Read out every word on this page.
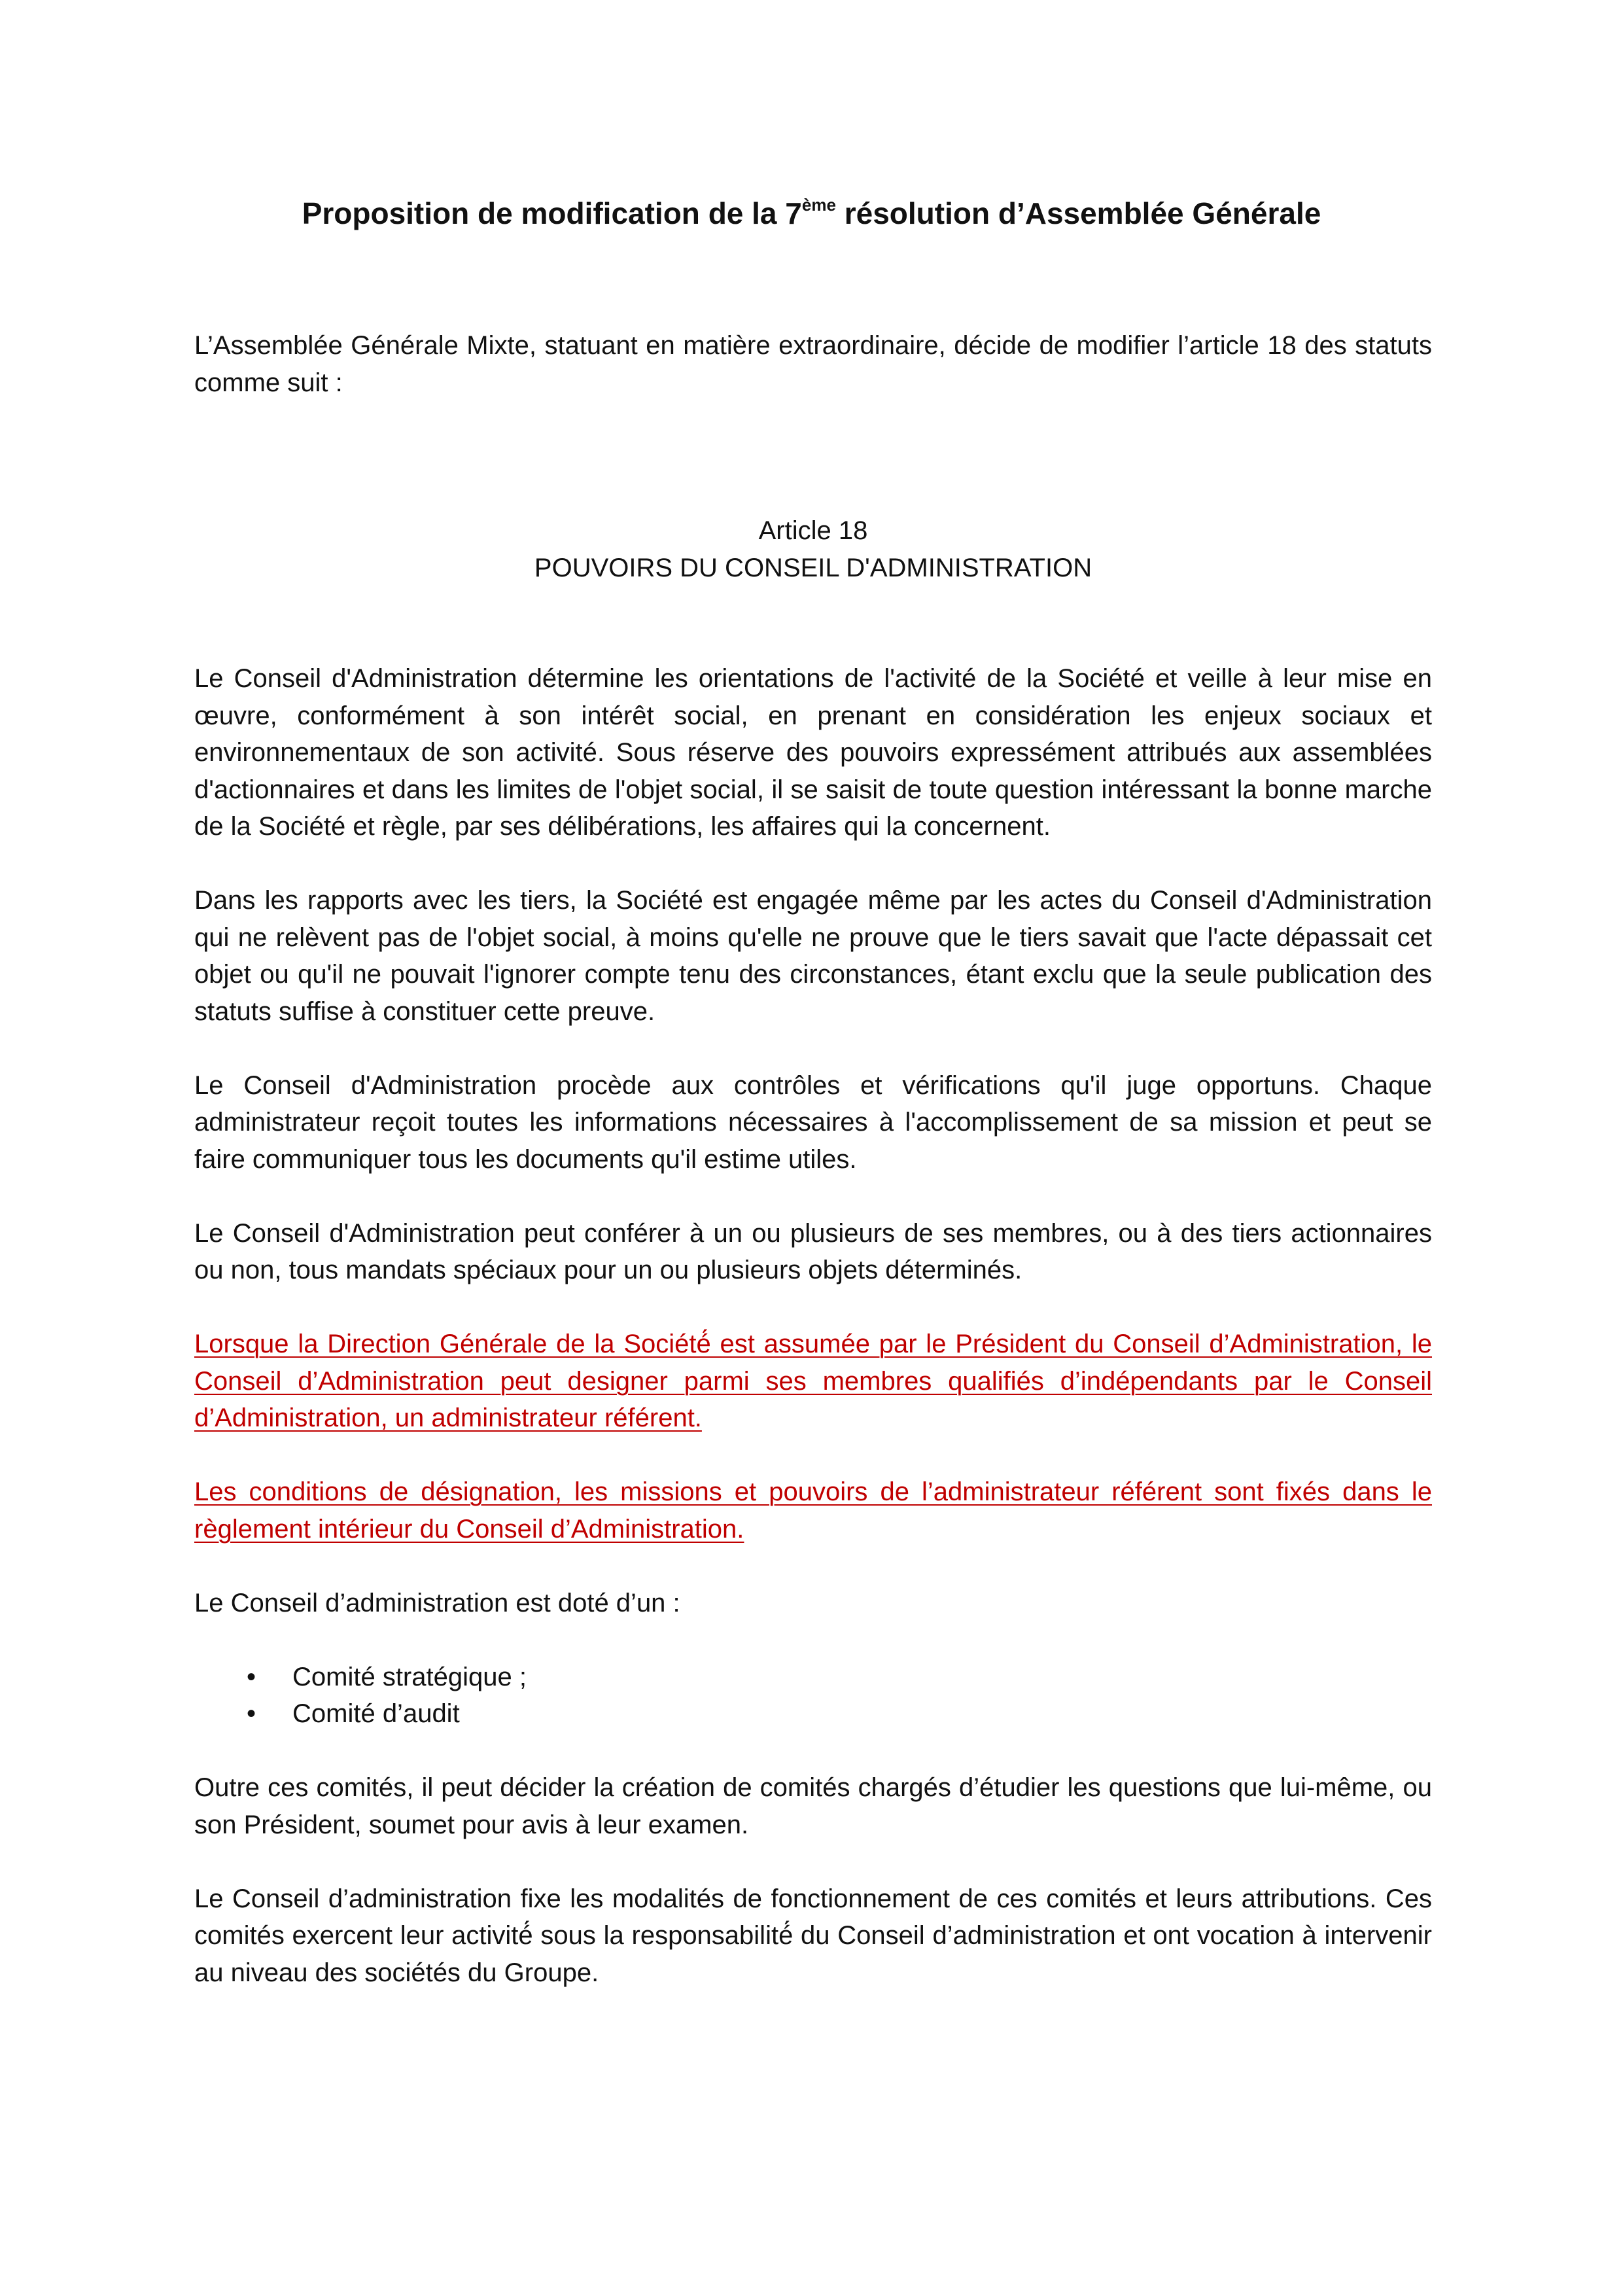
Proposition de modification de la 7ème résolution d’Assemblée Générale

L’Assemblée Générale Mixte, statuant en matière extraordinaire, décide de modifier l’article 18 des statuts comme suit :

Article 18
POUVOIRS DU CONSEIL D'ADMINISTRATION

Le Conseil d'Administration détermine les orientations de l'activité de la Société et veille à leur mise en œuvre, conformément à son intérêt social, en prenant en considération les enjeux sociaux et environnementaux de son activité. Sous réserve des pouvoirs expressément attribués aux assemblées d'actionnaires et dans les limites de l'objet social, il se saisit de toute question intéressant la bonne marche de la Société et règle, par ses délibérations, les affaires qui la concernent.

Dans les rapports avec les tiers, la Société est engagée même par les actes du Conseil d'Administration qui ne relèvent pas de l'objet social, à moins qu'elle ne prouve que le tiers savait que l'acte dépassait cet objet ou qu'il ne pouvait l'ignorer compte tenu des circonstances, étant exclu que la seule publication des statuts suffise à constituer cette preuve.

Le Conseil d'Administration procède aux contrôles et vérifications qu'il juge opportuns. Chaque administrateur reçoit toutes les informations nécessaires à l'accomplissement de sa mission et peut se faire communiquer tous les documents qu'il estime utiles.

Le Conseil d'Administration peut conférer à un ou plusieurs de ses membres, ou à des tiers actionnaires ou non, tous mandats spéciaux pour un ou plusieurs objets déterminés.

Lorsque la Direction Générale de la Société́ est assumée par le Président du Conseil d’Administration, le Conseil d’Administration peut designer parmi ses membres qualifiés d’indépendants par le Conseil d’Administration, un administrateur référent.

Les conditions de désignation, les missions et pouvoirs de l’administrateur référent sont fixés dans le règlement intérieur du Conseil d’Administration.

Le Conseil d’administration est doté d’un :

• Comité stratégique ;
• Comité d’audit

Outre ces comités, il peut décider la création de comités chargés d’étudier les questions que lui-même, ou son Président, soumet pour avis à leur examen.

Le Conseil d’administration fixe les modalités de fonctionnement de ces comités et leurs attributions. Ces comités exercent leur activité́ sous la responsabilité́ du Conseil d’administration et ont vocation à intervenir au niveau des sociétés du Groupe.
